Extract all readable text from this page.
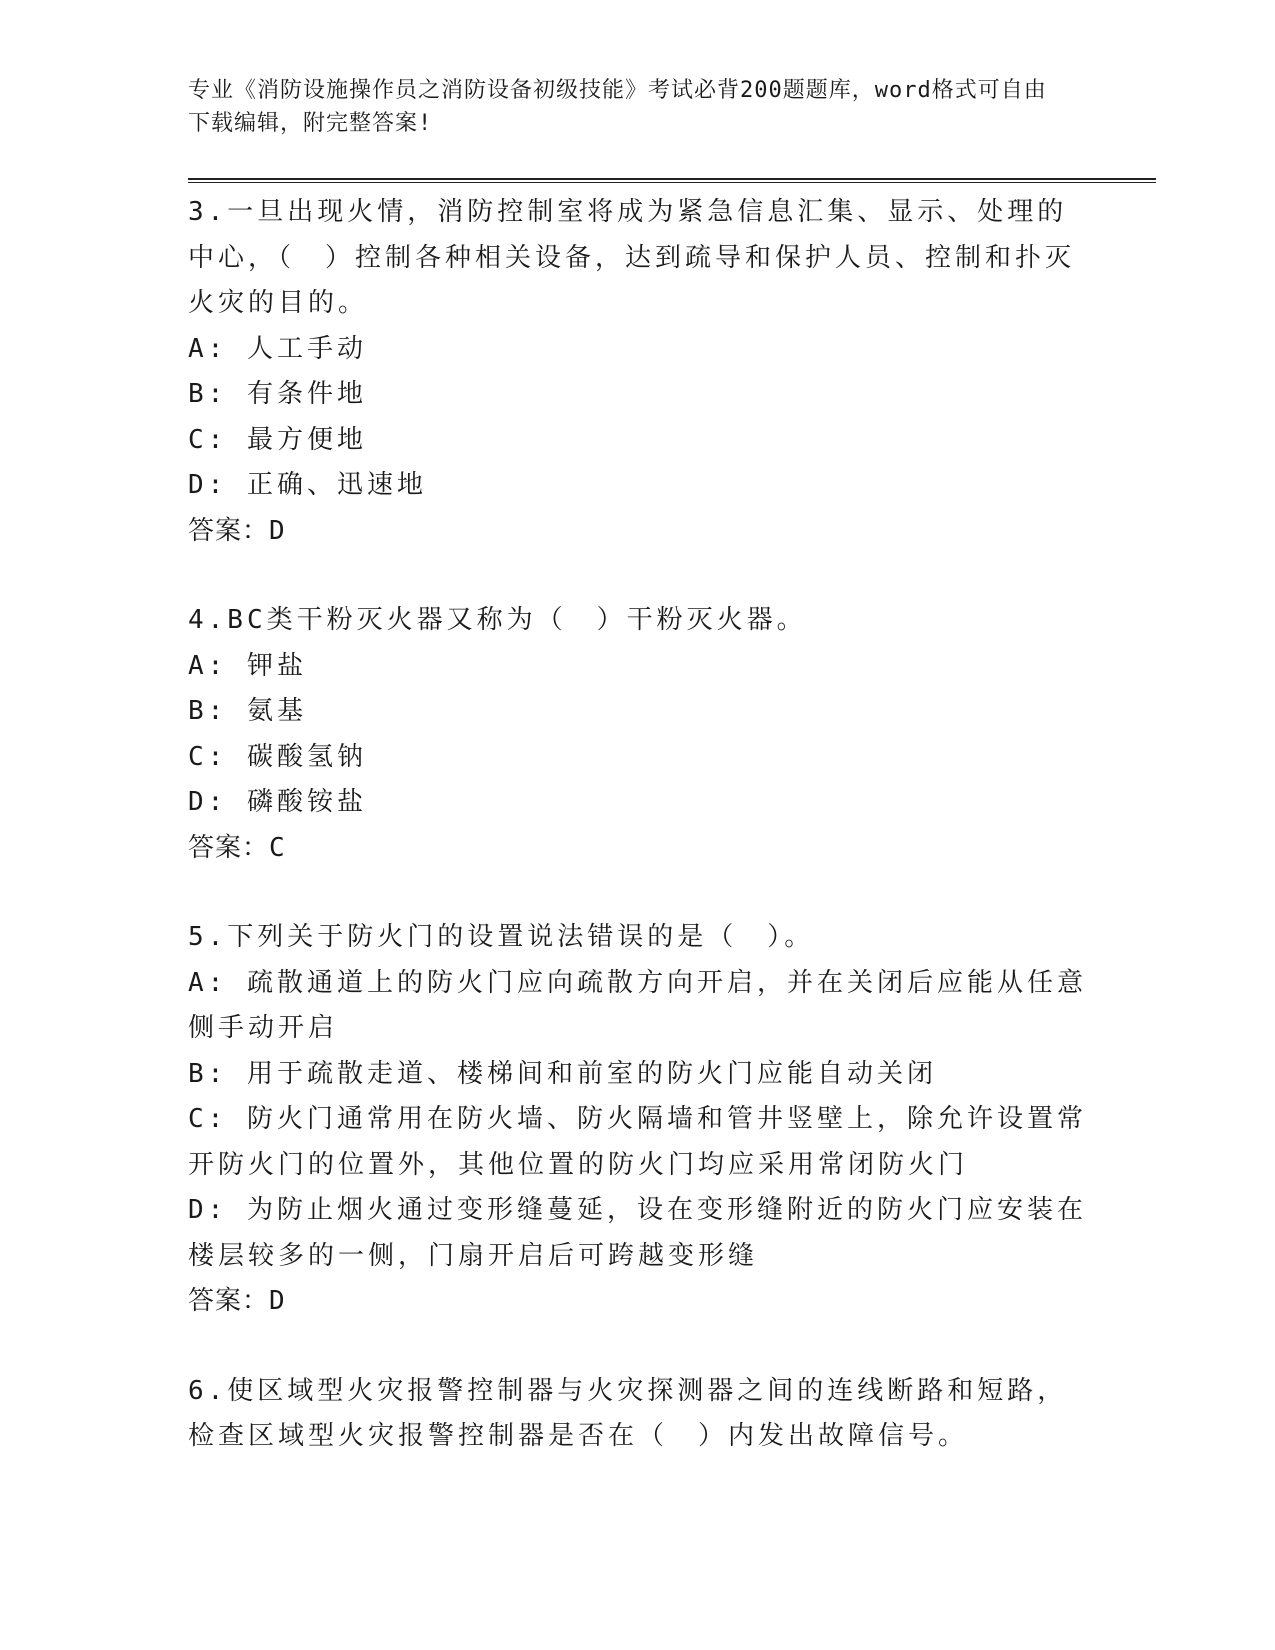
专业《消防设施操作员之消防设备初级技能》考试必背200题题库，word格式可自由下载编辑，附完整答案!

3.一旦出现火情，消防控制室将成为紧急信息汇集、显示、处理的中心，（　）控制各种相关设备，达到疏导和保护人员、控制和扑灭火灾的目的。

A: 人工手动

B: 有条件地

C: 最方便地

D: 正确、迅速地

答案：D

4.BC类干粉灭火器又称为（　）干粉灭火器。

A: 钾盐

B: 氨基

C: 碳酸氢钠

D: 磷酸铵盐

答案：C

5.下列关于防火门的设置说法错误的是（　）。

A: 疏散通道上的防火门应向疏散方向开启，并在关闭后应能从任意侧手动开启

B: 用于疏散走道、楼梯间和前室的防火门应能自动关闭

C: 防火门通常用在防火墙、防火隔墙和管井竖壁上，除允许设置常开防火门的位置外，其他位置的防火门均应采用常闭防火门

D: 为防止烟火通过变形缝蔓延，设在变形缝附近的防火门应安装在楼层较多的一侧，门扇开启后可跨越变形缝

答案：D

6.使区域型火灾报警控制器与火灾探测器之间的连线断路和短路，检查区域型火灾报警控制器是否在（　）内发出故障信号。
